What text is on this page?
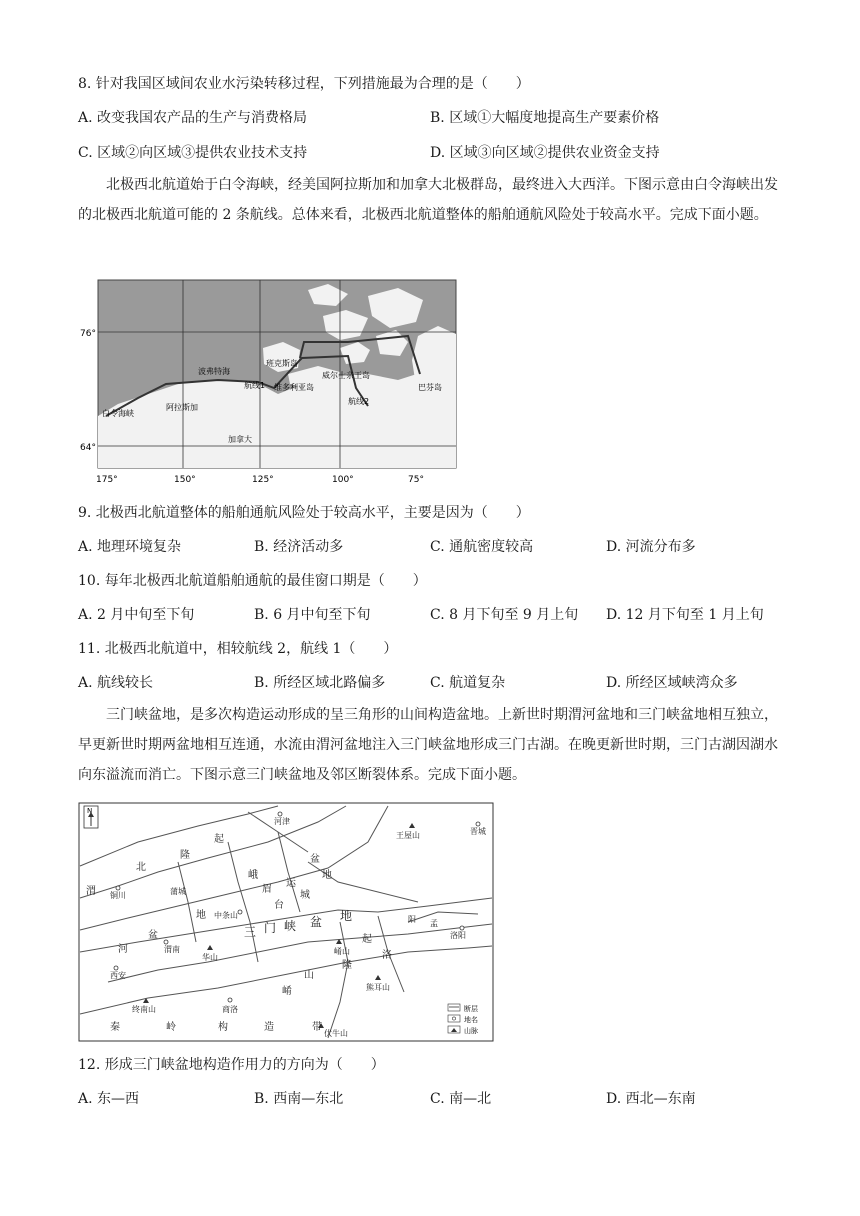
8. 针对我国区域间农业水污染转移过程，下列措施最为合理的是（　　）
A. 改变我国农产品的生产与消费格局	B. 区域①大幅度地提高生产要素价格
C. 区域②向区域③提供农业技术支持	D. 区域③向区域②提供农业资金支持
北极西北航道始于白令海峡，经美国阿拉斯加和加拿大北极群岛，最终进入大西洋。下图示意由白令海峡出发的北极西北航道可能的 2 条航线。总体来看，北极西北航道整体的船舶通航风险处于较高水平。完成下面小题。
76°
64°
175°	150°	125°	100°	75°
波弗特海
班克斯岛
维多利亚岛
威尔士亲王岛
巴芬岛
白令海峡
阿拉斯加
加拿大
航线1
航线2
9. 北极西北航道整体的船舶通航风险处于较高水平，主要是因为（　　）
A. 地理环境复杂	B. 经济活动多	C. 通航密度较高	D. 河流分布多
10. 每年北极西北航道船舶通航的最佳窗口期是（　　）
A. 2 月中旬至下旬	B. 6 月中旬至下旬	C. 8 月下旬至 9 月上旬 D. 12 月下旬至 1 月上旬
11. 北极西北航道中，相较航线 2，航线 1（　　）
A. 航线较长	B. 所经区域北路偏多	C. 航道复杂	D. 所经区域峡湾众多
三门峡盆地，是多次构造运动形成的呈三角形的山间构造盆地。上新世时期渭河盆地和三门峡盆地相互独立，早更新世时期两盆地相互连通，水流由渭河盆地注入三门峡盆地形成三门古湖。在晚更新世时期，三门古湖因湖水向东溢流而消亡。下图示意三门峡盆地及邻区断裂体系。完成下面小题。
N
河津
王屋山	晋城
铜川
中条山
华山
渭南
西安
终南山	商洛
熊耳山
伏牛山
崤山
洛阳
孟
阳
起
北
隆
渭	蒲城
地
盆
河
峨
眉
台
运
城
盆
地
三 门 峡 盆 地
起
洛
隆
山
崤
秦	岭	构	造	带
断层
地名
山脉
12. 形成三门峡盆地构造作用力的方向为（　　）
A. 东—西	B. 西南—东北	C. 南—北	D. 西北—东南
